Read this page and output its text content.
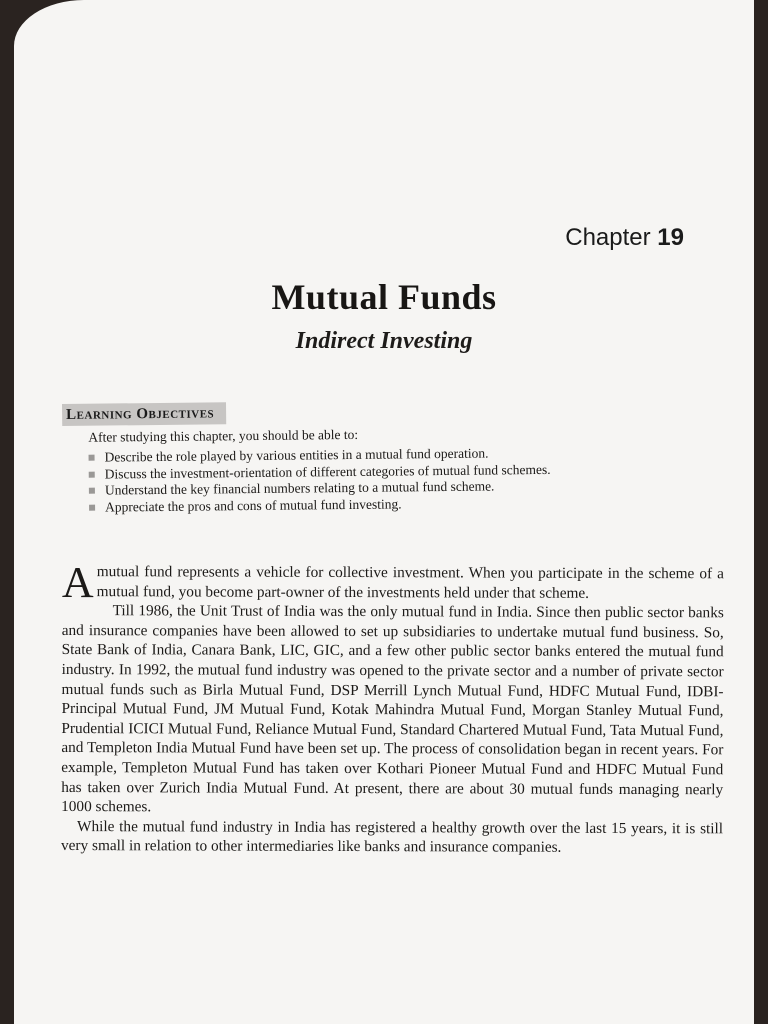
Chapter 19
Mutual Funds
Indirect Investing
Learning Objectives
After studying this chapter, you should be able to:
Describe the role played by various entities in a mutual fund operation.
Discuss the investment-orientation of different categories of mutual fund schemes.
Understand the key financial numbers relating to a mutual fund scheme.
Appreciate the pros and cons of mutual fund investing.

Amutual fund represents a vehicle for collective investment. When you participate in the scheme of a mutual fund, you become part-owner of the investments held under that scheme.

Till 1986, the Unit Trust of India was the only mutual fund in India. Since then public sector banks and insurance companies have been allowed to set up subsidiaries to undertake mutual fund business. So, State Bank of India, Canara Bank, LIC, GIC, and a few other public sector banks entered the mutual fund industry. In 1992, the mutual fund industry was opened to the private sector and a number of private sector mutual funds such as Birla Mutual Fund, DSP Merrill Lynch Mutual Fund, HDFC Mutual Fund, IDBI-Principal Mutual Fund, JM Mutual Fund, Kotak Mahindra Mutual Fund, Morgan Stanley Mutual Fund, Prudential ICICI Mutual Fund, Reliance Mutual Fund, Standard Chartered Mutual Fund, Tata Mutual Fund, and Templeton India Mutual Fund have been set up. The process of consolidation began in recent years. For example, Templeton Mutual Fund has taken over Kothari Pioneer Mutual Fund and HDFC Mutual Fund has taken over Zurich India Mutual Fund. At present, there are about 30 mutual funds managing nearly 1000 schemes.

While the mutual fund industry in India has registered a healthy growth over the last 15 years, it is still very small in relation to other intermediaries like banks and insurance companies.
